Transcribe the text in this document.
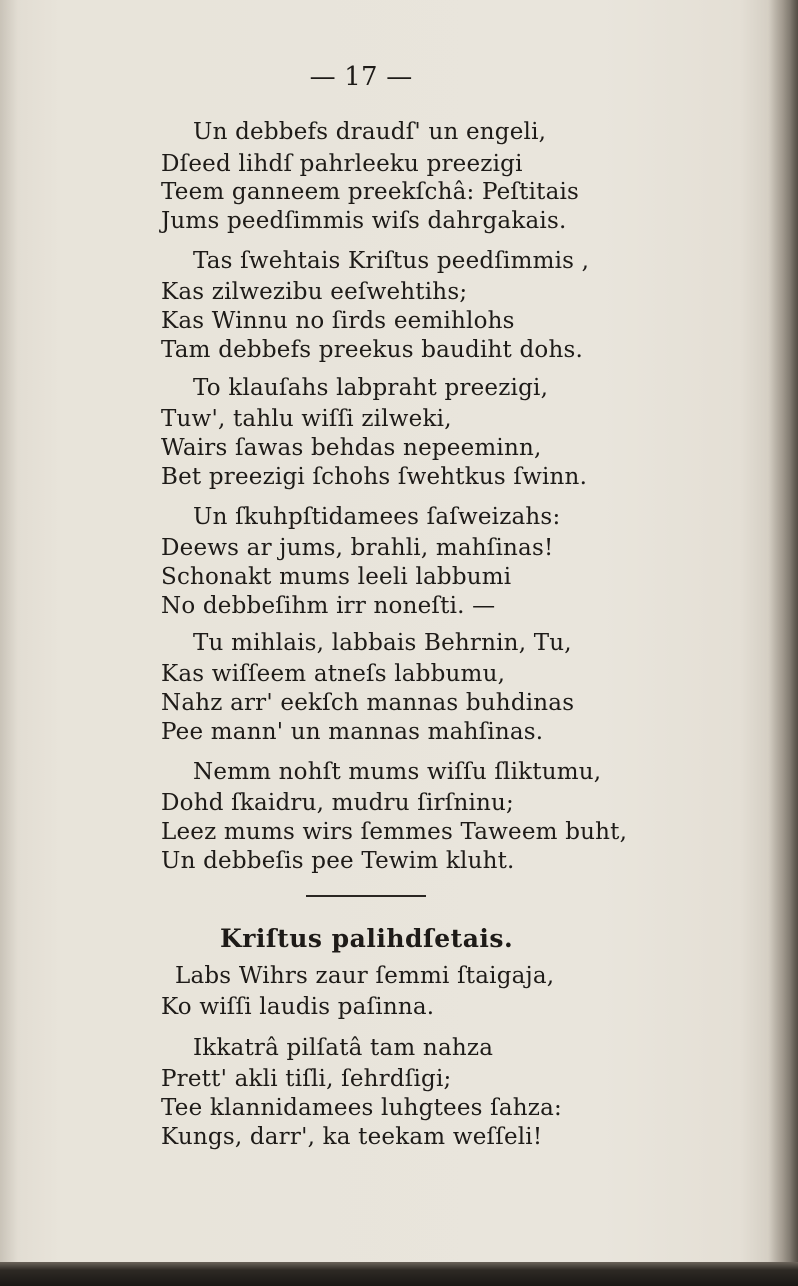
— 17 —
Un debbefs draudſ' un engeli,
Dſeed lihdſ pahrleeku preezigi
Teem ganneem preekſchâ: Peſtitais
Jums peedſimmis wiſs dahrgakais.
Tas ſwehtais Kriſtus peedſimmis ,
Kas zilwezibu eeſwehtihs;
Kas Winnu no ſirds eemihlohs
Tam debbefs preekus baudiht dohs.
To klauſahs labpraht preezigi,
Tuw', tahlu wiſſi zilweki,
Wairs ſawas behdas nepeeminn,
Bet preezigi ſchohs ſwehtkus ſwinn.
Un ſkuhpſtidamees ſaſweizahs:
Deews ar jums, brahli, mahſinas!
Schonakt mums leeli labbumi
No debbeſihm irr noneſti. —
Tu mihlais, labbais Behrnin, Tu,
Kas wiſſeem atneſs labbumu,
Nahz arr' eekſch mannas buhdinas
Pee mann' un mannas mahſinas.
Nemm nohſt mums wiſſu ſliktumu,
Dohd ſkaidru, mudru ſirſninu;
Leez mums wirs ſemmes Taweem buht,
Un debbeſis pee Tewim kluht.
Kriſtus palihdſetais.
Labs Wihrs zaur ſemmi ſtaigaja,
Ko wiſſi laudis paſinna.
Ikkatrâ pilſatâ tam nahza
Prett' akli tiſli, ſehrdſigi;
Tee klannidamees luhgtees ſahza:
Kungs, darr', ka teekam weſſeli!
